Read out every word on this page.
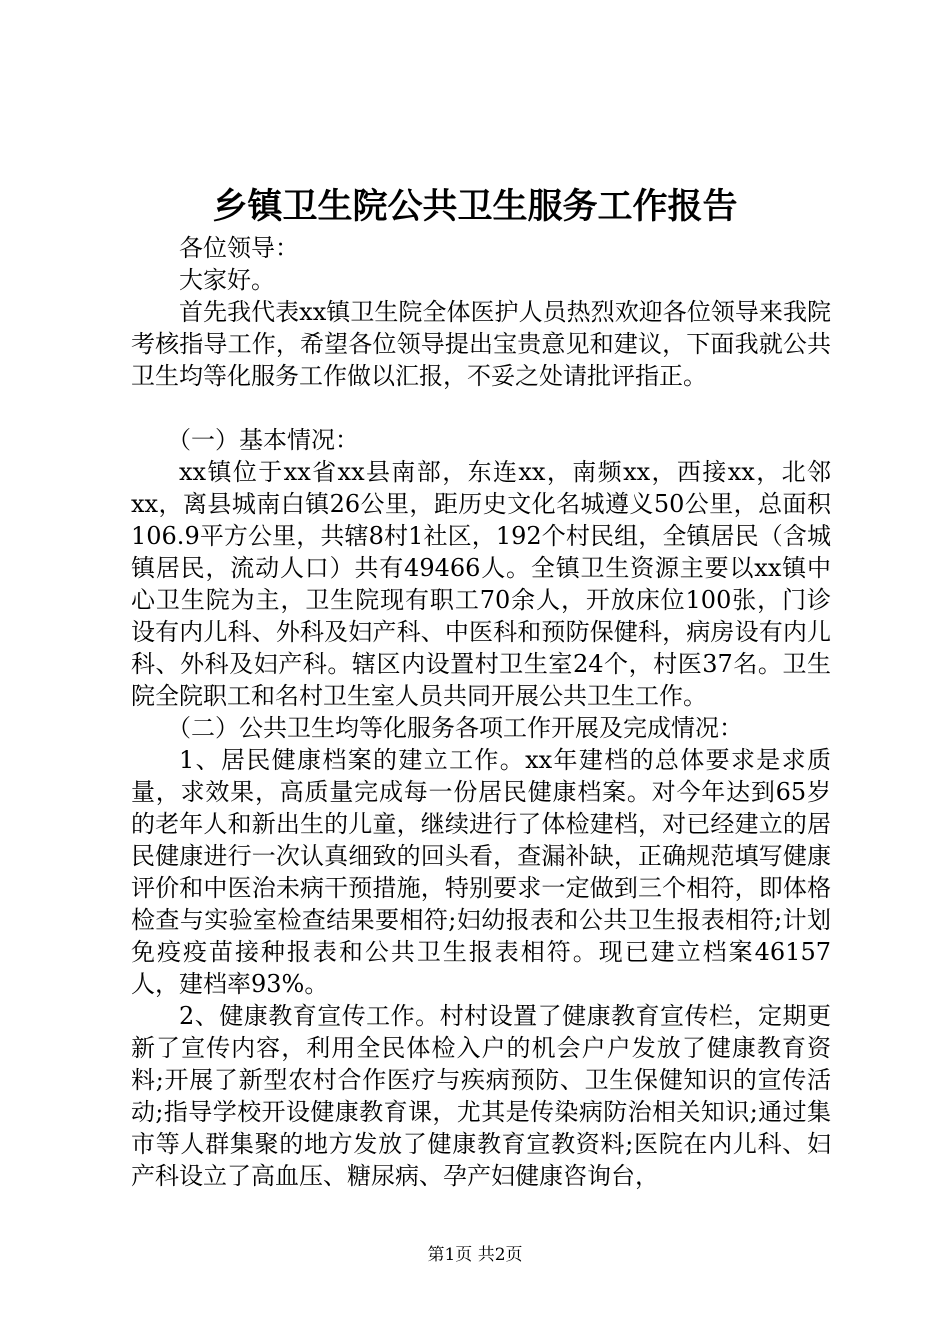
乡镇卫生院公共卫生服务工作报告

各位领导：

大家好。

首先我代表xx镇卫生院全体医护人员热烈欢迎各位领导来我院考核指导工作，希望各位领导提出宝贵意见和建议，下面我就公共卫生均等化服务工作做以汇报，不妥之处请批评指正。

（一）基本情况：

xx镇位于xx省xx县南部，东连xx，南频xx，西接xx，北邻xx，离县城南白镇26公里，距历史文化名城遵义50公里，总面积106.9平方公里，共辖8村1社区，192个村民组，全镇居民（含城镇居民，流动人口）共有49466人。全镇卫生资源主要以xx镇中心卫生院为主，卫生院现有职工70余人，开放床位100张，门诊设有内儿科、外科及妇产科、中医科和预防保健科，病房设有内儿科、外科及妇产科。辖区内设置村卫生室24个，村医37名。卫生院全院职工和名村卫生室人员共同开展公共卫生工作。

（二）公共卫生均等化服务各项工作开展及完成情况：

1、居民健康档案的建立工作。xx年建档的总体要求是求质量，求效果，高质量完成每一份居民健康档案。对今年达到65岁的老年人和新出生的儿童，继续进行了体检建档，对已经建立的居民健康进行一次认真细致的回头看，查漏补缺，正确规范填写健康评价和中医治未病干预措施，特别要求一定做到三个相符，即体格检查与实验室检查结果要相符;妇幼报表和公共卫生报表相符;计划免疫疫苗接种报表和公共卫生报表相符。现已建立档案46157人，建档率93%。

2、健康教育宣传工作。村村设置了健康教育宣传栏，定期更新了宣传内容，利用全民体检入户的机会户户发放了健康教育资料;开展了新型农村合作医疗与疾病预防、卫生保健知识的宣传活动;指导学校开设健康教育课，尤其是传染病防治相关知识;通过集市等人群集聚的地方发放了健康教育宣教资料;医院在内儿科、妇产科设立了高血压、糖尿病、孕产妇健康咨询台，

第1页 共2页
